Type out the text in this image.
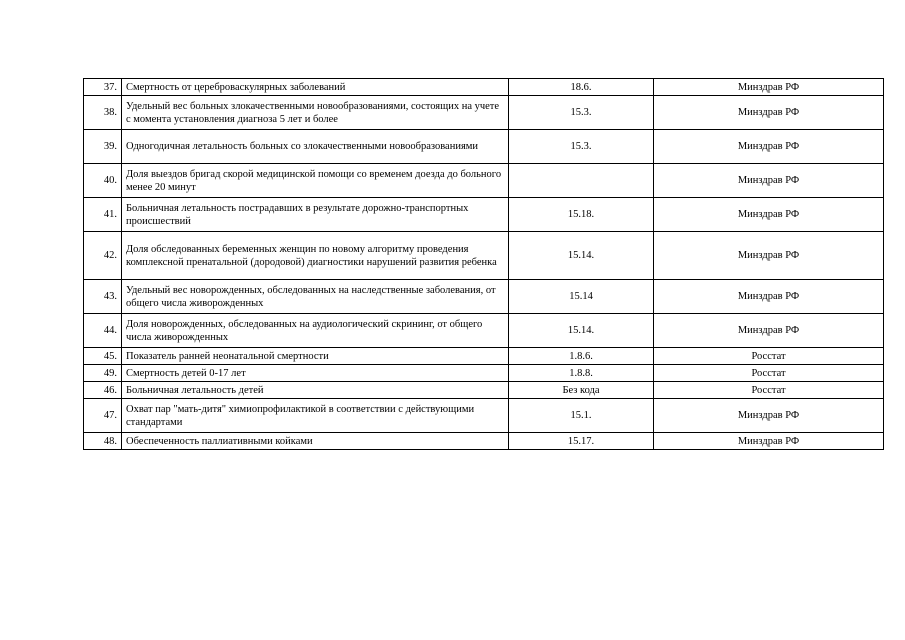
37.	Смертность от цереброваскулярных заболеваний	18.6.	Минздрав РФ
38.	Удельный вес больных злокачественными новообразованиями, состоящих на учете с момента установления диагноза 5 лет и более	15.3.	Минздрав РФ
39.	Одногодичная летальность больных со злокачественными новообразованиями	15.3.	Минздрав РФ
40.	Доля выездов бригад скорой медицинской помощи со временем доезда до больного менее 20 минут		Минздрав РФ
41.	Больничная летальность пострадавших в результате дорожно-транспортных происшествий	15.18.	Минздрав РФ
42.	Доля обследованных беременных женщин по новому алгоритму проведения комплексной пренатальной (дородовой) диагностики нарушений развития ребенка	15.14.	Минздрав РФ
43.	Удельный вес новорожденных, обследованных на наследственные заболевания, от общего числа живорожденных	15.14	Минздрав РФ
44.	Доля новорожденных, обследованных на аудиологический скрининг, от общего числа живорожденных	15.14.	Минздрав РФ
45.	Показатель ранней неонатальной смертности	1.8.6.	Росстат
49.	Смертность детей 0-17 лет	1.8.8.	Росстат
46.	Больничная летальность детей	Без кода	Росстат
47.	Охват пар "мать-дитя" химиопрофилактикой в соответствии с действующими стандартами	15.1.	Минздрав РФ
48.	Обеспеченность паллиативными койками	15.17.	Минздрав РФ
